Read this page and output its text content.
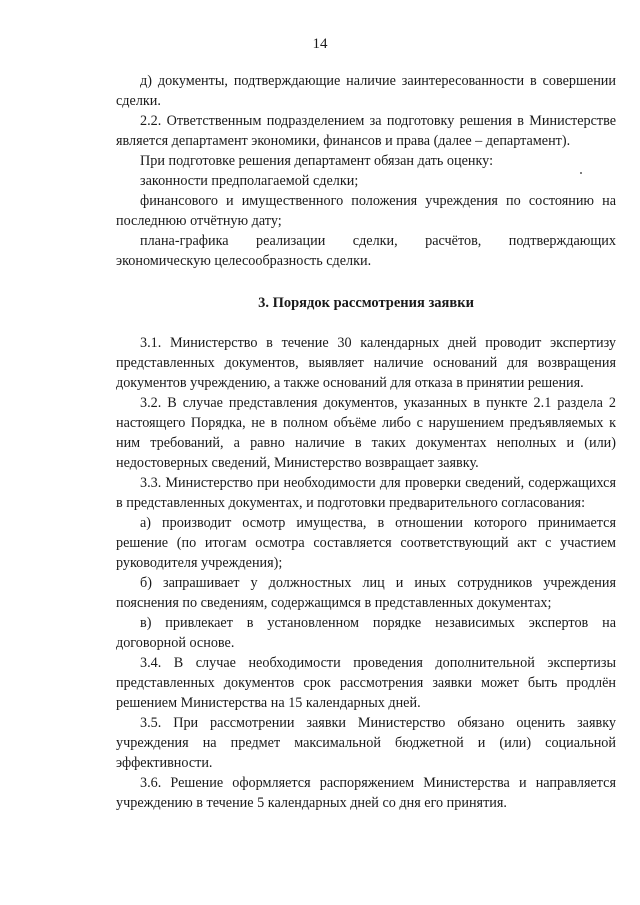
14

д) документы, подтверждающие наличие заинтересованности в совершении сделки.

2.2. Ответственным подразделением за подготовку решения в Министерстве является департамент экономики, финансов и права (далее – департамент).

При подготовке решения департамент обязан дать оценку:

законности предполагаемой сделки;

финансового и имущественного положения учреждения по состоянию на последнюю отчётную дату;

плана-графика реализации сделки, расчётов, подтверждающих экономическую целесообразность сделки.

3. Порядок рассмотрения заявки

3.1. Министерство в течение 30 календарных дней проводит экспертизу представленных документов, выявляет наличие оснований для возвращения документов учреждению, а также оснований для отказа в принятии решения.

3.2. В случае представления документов, указанных в пункте 2.1 раздела 2 настоящего Порядка, не в полном объёме либо с нарушением предъявляемых к ним требований, а равно наличие в таких документах неполных и (или) недостоверных сведений, Министерство возвращает заявку.

3.3. Министерство при необходимости для проверки сведений, содержащихся в представленных документах, и подготовки предварительного согласования:

а) производит осмотр имущества, в отношении которого принимается решение (по итогам осмотра составляется соответствующий акт с участием руководителя учреждения);

б) запрашивает у должностных лиц и иных сотрудников учреждения пояснения по сведениям, содержащимся в представленных документах;

в) привлекает в установленном порядке независимых экспертов на договорной основе.

3.4. В случае необходимости проведения дополнительной экспертизы представленных документов срок рассмотрения заявки может быть продлён решением Министерства на 15 календарных дней.

3.5. При рассмотрении заявки Министерство обязано оценить заявку учреждения на предмет максимальной бюджетной и (или) социальной эффективности.

3.6. Решение оформляется распоряжением Министерства и направляется учреждению в течение 5 календарных дней со дня его принятия.
